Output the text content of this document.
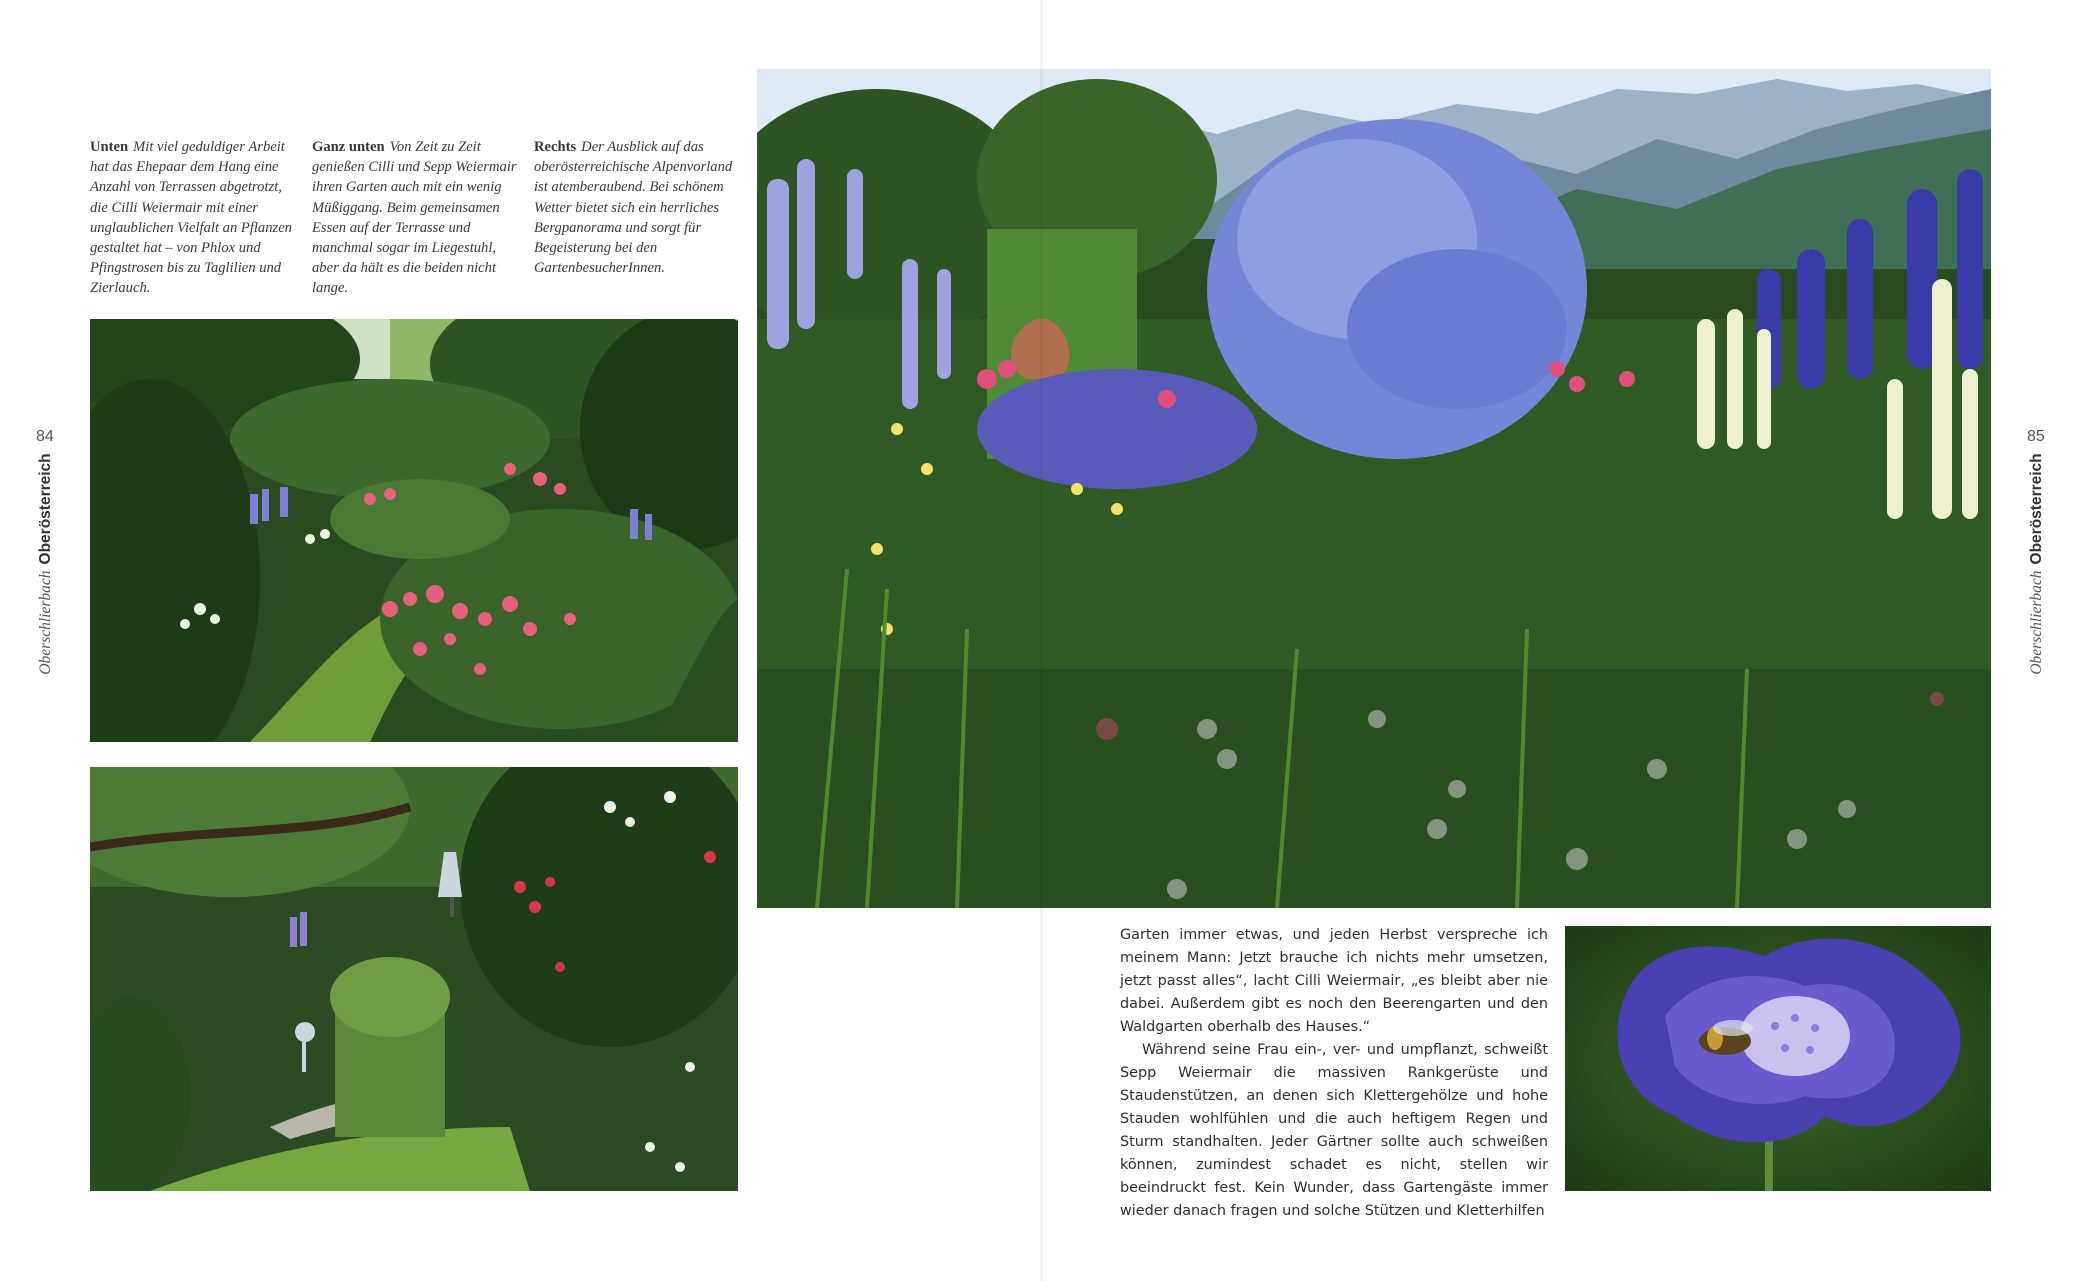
84
OberschlierbachOberösterreich
Unten Mit viel geduldiger Arbeit hat das Ehepaar dem Hang eine Anzahl von Terrassen abgetrotzt, die Cilli Weiermair mit einer unglaublichen Vielfalt an Pflanzen gestaltet hat – von Phlox und Pfingstrosen bis zu Taglilien und Zierlauch.
Ganz unten Von Zeit zu Zeit genießen Cilli und Sepp Weiermair ihren Garten auch mit ein wenig Müßiggang. Beim gemeinsamen Essen auf der Terrasse und manchmal sogar im Liegestuhl, aber da hält es die beiden nicht lange.
Rechts Der Ausblick auf das oberösterreichische Alpenvorland ist atemberaubend. Bei schönem Wetter bietet sich ein herrliches Bergpanorama und sorgt für Begeisterung bei den GartenbesucherInnen.

Garten immer etwas, und jeden Herbst verspreche ich meinem Mann: Jetzt brauche ich nichts mehr umsetzen, jetzt passt alles“, lacht Cilli Weiermair, „es bleibt aber nie dabei. Außerdem gibt es noch den Beerengarten und den Waldgarten oberhalb des Hauses.“

Während seine Frau ein-, ver- und umpflanzt, schweißt Sepp Weiermair die massiven Rankgerüste und Staudenstützen, an denen sich Klettergehölze und hohe Stauden wohlfühlen und die auch heftigem Regen und Sturm standhalten. Jeder Gärtner sollte auch schweißen können, zumindest schadet es nicht, stellen wir beeindruckt fest. Kein Wunder, dass Gartengäste immer wieder danach fragen und solche Stützen und Kletterhilfen

85
OberschlierbachOberösterreich
